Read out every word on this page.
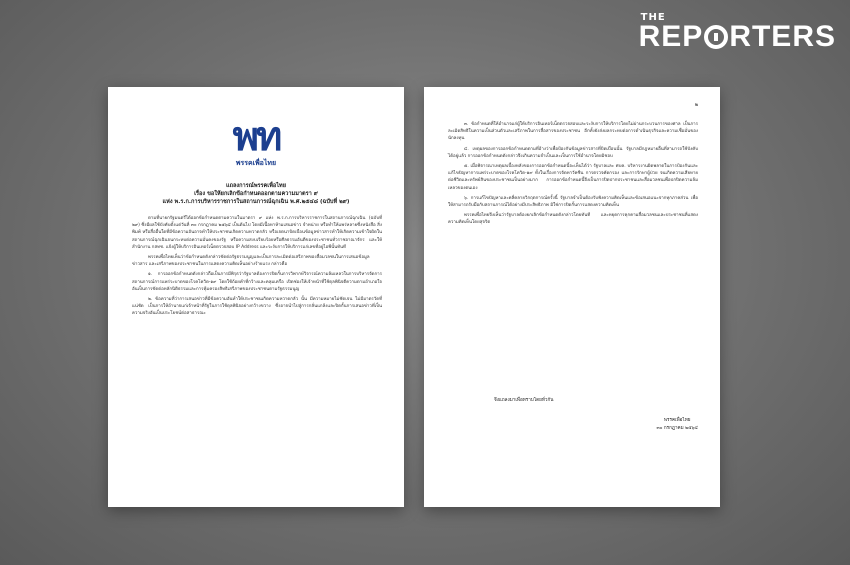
THE
REP RTERS
พท
พรรคเพื่อไทย
แถลงการณ์พรรคเพื่อไทย
เรื่อง ขอให้ยกเลิกข้อกำหนดออกตามความมาตรา ๙
แห่ง พ.ร.ก.การบริหารราชการในสถานการณ์ฉุกเฉิน พ.ศ.๒๕๔๘ (ฉบับที่ ๒๙)

ตามที่นายกรัฐมนตรีได้ออกข้อกำหนดตามความในมาตรา ๙ แห่ง พ.ร.ก.การบริหารราชการในสถานการณ์ฉุกเฉิน (ฉบับที่ ๒๙) ซึ่งมีผลใช้บังคับตั้งแต่วันที่ ๓๐ กรกฎาคม ๒๕๖๔ เป็นต้นไป โดยมีเนื้อหาห้ามเสนอข่าว จำหน่าย หรือทำให้แพร่หลายซึ่งหนังสือ สิ่งพิมพ์ หรือสื่ออื่นใดที่มีข้อความอันอาจทำให้ประชาชนเกิดความหวาดกลัว หรือเจตนาบิดเบือนข้อมูลข่าวสารทำให้เกิดความเข้าใจผิดในสถานการณ์ฉุกเฉินจนกระทบต่อความมั่นคงของรัฐ หรือความสงบเรียบร้อยหรือศีลธรรมอันดีของประชาชนทั่วราชอาณาจักร และให้สำนักงาน กสทช. แจ้งผู้ให้บริการอินเทอร์เน็ตตรวจสอบ IP Address และระงับการให้บริการแก่เลขที่อยู่ไอพีนั้นทันที

พรรคเพื่อไทยเห็นว่าข้อกำหนดดังกล่าวขัดต่อรัฐธรรมนูญและเป็นการละเมิดต่อเสรีภาพของสื่อมวลชนในการเสนอข้อมูล ข่าวสาร และเสรีภาพของประชาชนในการแสดงความคิดเห็นอย่างร้ายแรง กล่าวคือ

๑. การออกข้อกำหนดดังกล่าวถือเป็นการมีพิรุธว่ารัฐบาลต้องการปิดกั้นการวิพากษ์วิจารณ์ความล้มเหลวในการบริหารจัดการสถานการณ์การแพร่ระบาดของโรคโควิด-๑๙ โดยใช้ถ้อยคำที่กว้างและคลุมเครือ เปิดช่องให้เจ้าหน้าที่ใช้ดุลพินิจตีความตามอำเภอใจ อันเป็นการขัดต่อหลักนิติธรรมและการคุ้มครองสิทธิเสรีภาพของประชาชนตามรัฐธรรมนูญ

๒. ข้อความที่ว่าการเสนอข่าวที่มีข้อความอันทำให้ประชาชนเกิดความหวาดกลัว นั้น มีความหมายไม่ชัดเจน ไม่มีมาตรวัดที่แน่ชัด เป็นการให้อำนาจแก่เจ้าหน้าที่รัฐในการใช้ดุลพินิจอย่างกว้างขวาง ซึ่งอาจนำไปสู่การกลั่นแกล้งและปิดกั้นการเสนอข่าวที่เป็นความจริงอันเป็นประโยชน์ต่อสาธารณะ

๒

๓. ข้อกำหนดที่ให้อำนาจแก่ผู้ให้บริการอินเทอร์เน็ตตรวจสอบและระงับการให้บริการโดยไม่ผ่านกระบวนการของศาล เป็นการละเมิดสิทธิในความเป็นส่วนตัวและเสรีภาพในการสื่อสารของประชาชน อีกทั้งยังส่งผลกระทบต่อการดำเนินธุรกิจและความเชื่อมั่นของนักลงทุน

๔. เหตุผลของการออกข้อกำหนดตามที่อ้างว่าเพื่อป้องกันข้อมูลข่าวสารที่บิดเบือนนั้น รัฐบาลมีกฎหมายอื่นที่สามารถใช้บังคับได้อยู่แล้ว การออกข้อกำหนดดังกล่าวจึงเกินความจำเป็นและเป็นการใช้อำนาจโดยมิชอบ

๕. เมื่อพิจารณาเหตุผลเบื้องหลังของการออกข้อกำหนดนี้จะเห็นได้ว่า รัฐบาลและ ศบค. บริหารงานผิดพลาดในการป้องกันและแก้ไขปัญหาการแพร่ระบาดของโรคโควิด-๑๙ ทั้งในเรื่องการจัดหาวัคซีน การตรวจคัดกรอง และการรักษาผู้ป่วย จนเกิดความเสียหายต่อชีวิตและทรัพย์สินของประชาชนเป็นอย่างมาก การออกข้อกำหนดนี้จึงเป็นการปิดปากประชาชนและสื่อมวลชนเพื่อปกปิดความล้มเหลวของตนเอง

๖. การแก้ไขปัญหาและคลี่คลายวิกฤตการณ์ครั้งนี้ รัฐบาลจำเป็นต้องรับฟังความคิดเห็นและข้อเสนอแนะจากทุกภาคส่วน เพื่อให้สามารถรับมือกับสถานการณ์ได้อย่างมีประสิทธิภาพ มิใช่การปิดกั้นการแสดงความคิดเห็น

พรรคเพื่อไทยจึงเห็นว่ารัฐบาลต้องยกเลิกข้อกำหนดดังกล่าวโดยทันที และหยุดการคุกคามสื่อมวลชนและประชาชนที่แสดงความคิดเห็นโดยสุจริต

จึงแถลงมาเพื่อทราบโดยทั่วกัน
พรรคเพื่อไทย
๓๐ กรกฎาคม ๒๕๖๔
